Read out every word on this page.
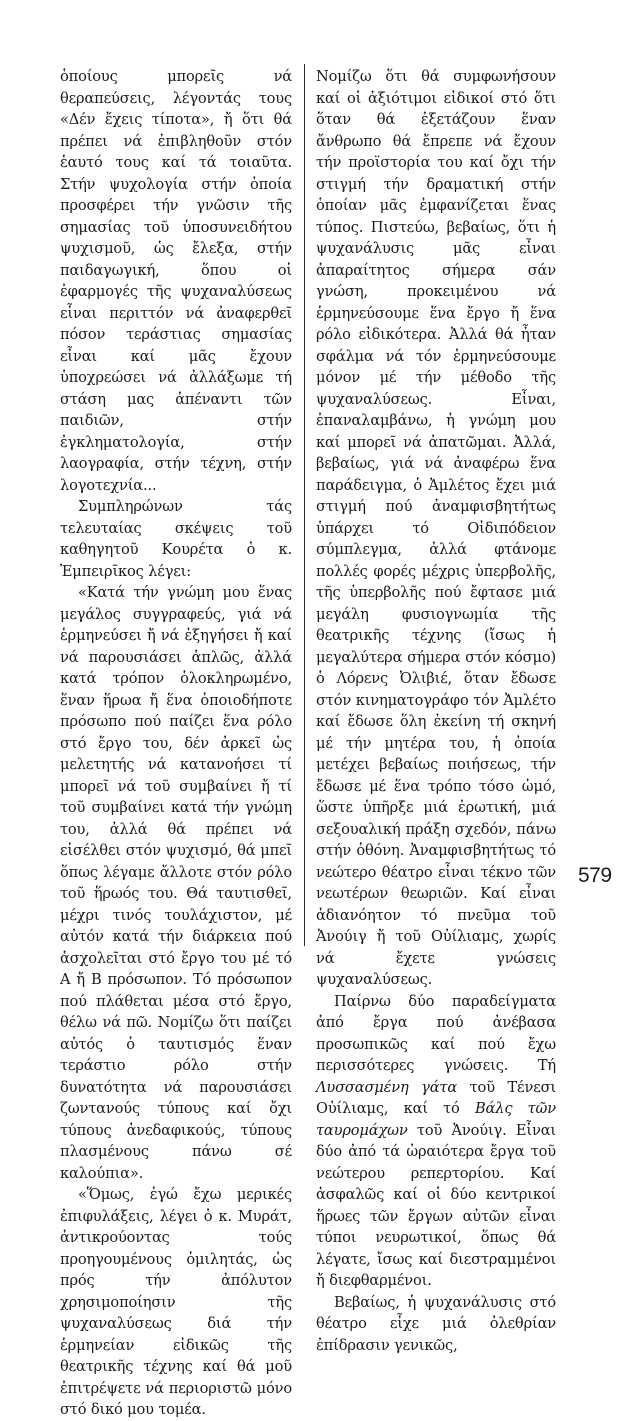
ὁποίους μπορεῖς νά θεραπεύσεις, λέγοντάς τους «Δέν ἔχεις τίποτα», ἤ ὅτι θά πρέπει νά ἐπιβληθοῦν στόν ἑαυτό τους καί τά τοιαῦτα. Στήν ψυχολογία στήν ὁποία προσφέρει τήν γνῶσιν τῆς σημασίας τοῦ ὑποσυνειδήτου ψυχισμοῦ, ὡς ἔλεξα, στήν παιδαγωγική, ὅπου οἱ ἐφαρμογές τῆς ψυχαναλύσεως εἶναι περιττόν νά ἀναφερθεῖ πόσον τεράστιας σημασίας εἶναι καί μᾶς ἔχουν ὑποχρεώσει νά ἀλλάξωμε τή στάση μας ἀπέναντι τῶν παιδιῶν, στήν ἐγκληματολογία, στήν λαογραφία, στήν τέχνη, στήν λογοτεχνία...

Συμπληρώνων τάς τελευταίας σκέψεις τοῦ καθηγητοῦ Κουρέτα ὁ κ. Ἐμπειρῖκος λέγει:

«Κατά τήν γνώμη μου ἕνας μεγάλος συγγραφεύς, γιά νά ἑρμηνεύσει ἤ νά ἐξηγήσει ἤ καί νά παρουσιάσει ἁπλῶς, ἀλλά κατά τρόπον ὁλοκληρωμένο, ἕναν ἥρωα ἤ ἕνα ὁποιοδήποτε πρόσωπο πού παίζει ἕνα ρόλο στό ἔργο του, δέν ἀρκεῖ ὡς μελετητής νά κατανοήσει τί μπορεῖ νά τοῦ συμβαίνει ἤ τί τοῦ συμβαίνει κατά τήν γνώμη του, ἀλλά θά πρέπει νά εἰσέλθει στόν ψυχισμό, θά μπεῖ ὅπως λέγαμε ἄλλοτε στόν ρόλο τοῦ ἥρωός του. Θά ταυτισθεῖ, μέχρι τινός τουλάχιστον, μέ αὐτόν κατά τήν διάρκεια πού ἀσχολεῖται στό ἔργο του μέ τό Α ἤ Β πρόσωπον. Τό πρόσωπον πού πλάθεται μέσα στό ἔργο, θέλω νά πῶ. Νομίζω ὅτι παίζει αὐτός ὁ ταυτισμός ἕναν τεράστιο ρόλο στήν δυνατότητα νά παρουσιάσει ζωντανούς τύπους καί ὄχι τύπους ἀνεδαφικούς, τύπους πλασμένους πάνω σέ καλούπια».

«Ὅμως, ἐγώ ἔχω μερικές ἐπιφυλάξεις, λέγει ὁ κ. Μυράτ, ἀντικρούοντας τούς προηγουμένους ὁμιλητάς, ὡς πρός τήν ἀπόλυτον χρησιμοποίησιν τῆς ψυχαναλύσεως διά τήν ἑρμηνείαν εἰδικῶς τῆς θεατρικῆς τέχνης καί θά μοῦ ἐπιτρέψετε νά περιοριστῶ μόνο στό δικό μου τομέα.

Νομίζω ὅτι θά συμφωνήσουν καί οἱ ἀξιότιμοι εἰδικοί στό ὅτι ὅταν θά ἐξετάζουν ἕναν ἄνθρωπο θά ἔπρεπε νά ἔχουν τήν προϊστορία του καί ὄχι τήν στιγμή τήν δραματική στήν ὁποίαν μᾶς ἐμφανίζεται ἕνας τύπος. Πιστεύω, βεβαίως, ὅτι ἡ ψυχανάλυσις μᾶς εἶναι ἀπαραίτητος σήμερα σάν γνώση, προκειμένου νά ἑρμηνεύσουμε ἕνα ἔργο ἤ ἕνα ρόλο εἰδικότερα. Ἀλλά θά ἦταν σφάλμα νά τόν ἑρμηνεύσουμε μόνον μέ τήν μέθοδο τῆς ψυχαναλύσεως. Εἶναι, ἐπαναλαμβάνω, ἡ γνώμη μου καί μπορεῖ νά ἀπατῶμαι. Ἀλλά, βεβαίως, γιά νά ἀναφέρω ἕνα παράδειγμα, ὁ Ἀμλέτος ἔχει μιά στιγμή πού ἀναμφισβητήτως ὑπάρχει τό Οἰδιπόδειον σύμπλεγμα, ἀλλά φτάνομε πολλές φορές μέχρις ὑπερβολῆς, τῆς ὑπερβολῆς πού ἔφτασε μιά μεγάλη φυσιογνωμία τῆς θεατρικῆς τέχνης (ἴσως ἡ μεγαλύτερα σήμερα στόν κόσμο) ὁ Λόρενς Ὀλιβιέ, ὅταν ἔδωσε στόν κινηματογράφο τόν Ἀμλέτο καί ἔδωσε ὅλη ἐκείνη τή σκηνή μέ τήν μητέρα του, ἡ ὁποία μετέχει βεβαίως ποιήσεως, τήν ἔδωσε μέ ἕνα τρόπο τόσο ὠμό, ὥστε ὑπῆρξε μιά ἐρωτική, μιά σεξουαλική πράξη σχεδόν, πάνω στήν ὀθόνη. Ἀναμφισβητήτως τό νεώτερο θέατρο εἶναι τέκνο τῶν νεωτέρων θεωριῶν. Καί εἶναι ἀδιανόητον τό πνεῦμα τοῦ Ἀνούιγ ἤ τοῦ Οὐίλιαμς, χωρίς νά ἔχετε γνώσεις ψυχαναλύσεως.

Παίρνω δύο παραδείγματα ἀπό ἔργα πού ἀνέβασα προσωπικῶς καί πού ἔχω περισσότερες γνώσεις. Τή Λυσσασμένη γάτα τοῦ Τένεσι Οὐίλιαμς, καί τό Βάλς τῶν ταυρομάχων τοῦ Ἀνούιγ. Εἶναι δύο ἀπό τά ὡραιότερα ἔργα τοῦ νεώτερου ρεπερτορίου. Καί ἀσφαλῶς καί οἱ δύο κεντρικοί ἥρωες τῶν ἔργων αὐτῶν εἶναι τύποι νευρωτικοί, ὅπως θά λέγατε, ἴσως καί διεστραμμένοι ἤ διεφθαρμένοι.

Βεβαίως, ἡ ψυχανάλυσις στό θέατρο εἶχε μιά ὀλεθρίαν ἐπίδρασιν γενικῶς,

579
